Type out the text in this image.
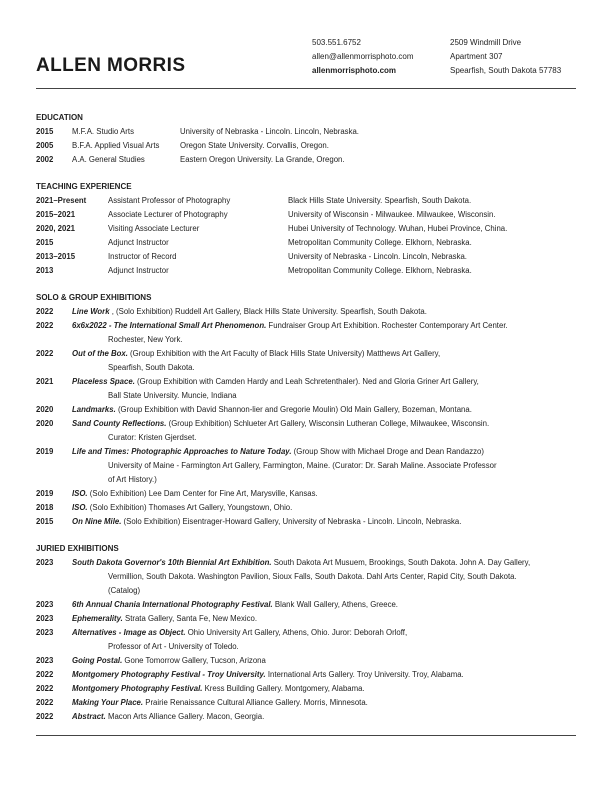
ALLEN MORRIS
503.551.6752
allen@allenmorrisphoto.com
allenmorrisphoto.com
2509 Windmill Drive
Apartment 307
Spearfish, South Dakota 57783
EDUCATION
2015	M.F.A. Studio Arts	University of Nebraska - Lincoln. Lincoln, Nebraska.
2005	B.F.A. Applied Visual Arts	Oregon State University. Corvallis, Oregon.
2002	A.A. General Studies	Eastern Oregon University. La Grande, Oregon.
TEACHING EXPERIENCE
2021–Present	Assistant Professor of Photography	Black Hills State University. Spearfish, South Dakota.
2015–2021	Associate Lecturer of Photography	University of Wisconsin - Milwaukee. Milwaukee, Wisconsin.
2020, 2021	Visiting Associate Lecturer	Hubei University of Technology. Wuhan, Hubei Province, China.
2015	Adjunct Instructor	Metropolitan Community College. Elkhorn, Nebraska.
2013–2015	Instructor of Record	University of Nebraska - Lincoln. Lincoln, Nebraska.
2013	Adjunct Instructor	Metropolitan Community College. Elkhorn, Nebraska.
SOLO & GROUP EXHIBITIONS
2022	Line Work , (Solo Exhibition) Ruddell Art Gallery, Black Hills State University. Spearfish, South Dakota.
2022	6x6x2022 - The International Small Art Phenomenon. Fundraiser Group Art Exhibition. Rochester Contemporary Art Center.
Rochester, New York.
2022	Out of the Box. (Group Exhibition with the Art Faculty of Black Hills State University) Matthews Art Gallery,
Spearfish, South Dakota.
2021	Placeless Space. (Group Exhibition with Camden Hardy and Leah Schretenthaler). Ned and Gloria Griner Art Gallery,
Ball State University. Muncie, Indiana
2020	Landmarks. (Group Exhibition with David Shannon-lier and Gregorie Moulin) Old Main Gallery, Bozeman, Montana.
2020	Sand County Reflections. (Group Exhibition) Schlueter Art Gallery, Wisconsin Lutheran College, Milwaukee, Wisconsin.
Curator: Kristen Gjerdset.
2019	Life and Times: Photographic Approaches to Nature Today. (Group Show with Michael Droge and Dean Randazzo)
University of Maine - Farmington Art Gallery, Farmington, Maine. (Curator: Dr. Sarah Maline. Associate Professor
of Art History.)
2019	ISO. (Solo Exhibition) Lee Dam Center for Fine Art, Marysville, Kansas.
2018	ISO. (Solo Exhibition) Thomases Art Gallery, Youngstown, Ohio.
2015	On Nine Mile. (Solo Exhibition) Eisentrager-Howard Gallery, University of Nebraska - Lincoln. Lincoln, Nebraska.
JURIED EXHIBITIONS
2023	South Dakota Governor's 10th Biennial Art Exhibition. South Dakota Art Musuem, Brookings, South Dakota. John A. Day Gallery,
Vermillion, South Dakota. Washington Pavilion, Sioux Falls, South Dakota. Dahl Arts Center, Rapid City, South Dakota.
(Catalog)
2023	6th Annual Chania International Photography Festival. Blank Wall Gallery, Athens, Greece.
2023	Ephemerality. Strata Gallery, Santa Fe, New Mexico.
2023	Alternatives - Image as Object. Ohio University Art Gallery, Athens, Ohio. Juror: Deborah Orloff,
Professor of Art - University of Toledo.
2023	Going Postal. Gone Tomorrow Gallery, Tucson, Arizona
2022	Montgomery Photography Festival - Troy University. International Arts Gallery. Troy University. Troy, Alabama.
2022	Montgomery Photography Festival. Kress Building Gallery. Montgomery, Alabama.
2022	Making Your Place. Prairie Renaissance Cultural Alliance Gallery. Morris, Minnesota.
2022	Abstract. Macon Arts Alliance Gallery. Macon, Georgia.
